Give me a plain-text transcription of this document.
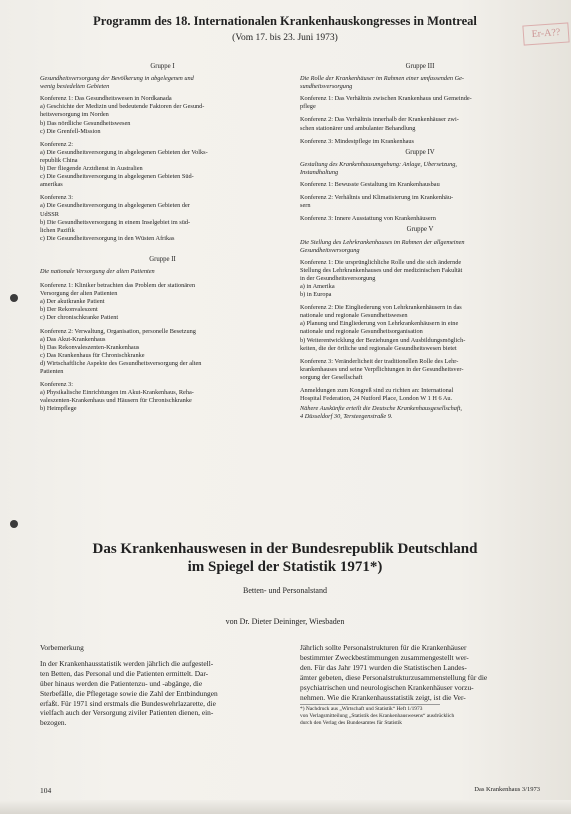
Er-A??
Programm des 18. Internationalen Krankenhauskongresses in Montreal
(Vom 17. bis 23. Juni 1973)
Gruppe I
Gesundheitsversorgung der Bevölkerung in abgelegenen und
wenig besiedelten Gebieten
Konferenz 1: Das Gesundheitswesen in Nordkanada
a) Geschichte der Medizin und bedeutende Faktoren der Gesund-
heitsversorgung im Norden
b) Das nördliche Gesundheitswesen
c) Die Grenfell-Mission
Konferenz 2:
a) Die Gesundheitsversorgung in abgelegenen Gebieten der Volks-
republik China
b) Der fliegende Arztdienst in Australien
c) Die Gesundheitsversorgung in abgelegenen Gebieten Süd-
amerikas
Konferenz 3:
a) Die Gesundheitsversorgung in abgelegenen Gebieten der
UdSSR
b) Die Gesundheitsversorgung in einem Inselgebiet im süd-
lichen Pazifik
c) Die Gesundheitsversorgung in den Wüsten Afrikas
Gruppe II
Die nationale Versorgung der alten Patienten
Konferenz 1: Kliniker betrachten das Problem der stationären
Versorgung der alten Patienten
a) Der akutkranke Patient
b) Der Rekonvaleszent
c) Der chronischkranke Patient
Konferenz 2: Verwaltung, Organisation, personelle Besetzung
a) Das Akut-Krankenhaus
b) Das Rekonvaleszenten-Krankenhaus
c) Das Krankenhaus für Chronischkranke
d) Wirtschaftliche Aspekte des Gesundheitsversorgung der alten
Patienten
Konferenz 3:
a) Physikalische Einrichtungen im Akut-Krankenhaus, Reha-
valeszenten-Krankenhaus und Häusern für Chronischkranke
b) Heimpflege
Gruppe III
Die Rolle der Krankenhäuser im Rahmen einer umfassenden Ge-
sundheitsversorgung
Konferenz 1: Das Verhältnis zwischen Krankenhaus und Gemeinde-
pflege
Konferenz 2: Das Verhältnis innerhalb der Krankenhäuser zwi-
schen stationärer und ambulanter Behandlung
Konferenz 3: Mindestpflege im Krankenhaus
Gruppe IV
Gestaltung des Krankenhausumgebung: Anlage, Übersetzung,
Instandhaltung
Konferenz 1: Bewusste Gestaltung im Krankenhausbau
Konferenz 2: Verhältnis und Klimatisierung im Krankenhäu-
sern
Konferenz 3: Innere Ausstattung von Krankenhäusern
Gruppe V
Die Stellung des Lehrkrankenhauses im Rahmen der allgemeinen
Gesundheitsversorgung
Konferenz 1: Die ursprünglichliche Rolle und die sich ändernde
Stellung des Lehrkrankenhauses und der medizinischen Fakultät
in der Gesundheitsversorgung
a) in Amerika
b) in Europa
Konferenz 2: Die Eingliederung von Lehrkrankenhäusern in das
nationale und regionale Gesundheitswesen
a) Planung und Eingliederung von Lehrkrankenhäusern in eine
nationale und regionale Gesundheitsorganisation
b) Weiterentwicklung der Beziehungen und Ausbildungsmöglich-
keiten, die der örtliche und regionale Gesundheitswesen bietet
Konferenz 3: Veränderlicheit der traditionellen Rolle des Lehr-
krankenhauses und seine Verpflichtungen in der Gesundheitsver-
sorgung der Gesellschaft
Anmeldungen zum Kongreß sind zu richten an: International
Hospital Federation, 24 Nutford Place, London W 1 H 6 Au.
Nähere Auskünfte erteilt die Deutsche Krankenhausgesellschaft,
4 Düsseldorf 30, Tersteegenstraße 9.
Das Krankenhauswesen in der Bundesrepublik Deutschland
im Spiegel der Statistik 1971*)
Betten- und Personalstand
von Dr. Dieter Deininger, Wiesbaden
Vorbemerkung
In der Krankenhausstatistik werden jährlich die aufgestell-
ten Betten, das Personal und die Patienten ermittelt. Dar-
über hinaus werden die Patientenzu- und -abgänge, die
Sterbefälle, die Pflegetage sowie die Zahl der Entbindungen
erfaßt. Für 1971 sind erstmals die Bundeswehrlazarette, die
vielfach auch der Versorgung ziviler Patienten dienen, ein-
bezogen.
Jährlich sollte Personalstrukturen für die Krankenhäuser
bestimmter Zweckbestimmungen zusammengestellt wer-
den. Für das Jahr 1971 wurden die Statistischen Landes-
ämter gebeten, diese Personalstrukturzusammenstellung für die
psychiatrischen und neurologischen Krankenhäuser vorzu-
nehmen. Wie die Krankenhausstatistik zeigt, ist die Ver-
*) Nachdruck aus „Wirtschaft und Statistik“ Heft 1/1973
von Verlagsmitteilung „Statistik des Krankenhauswesens“ ausdrücklich
durch den Verlag des Bundesamtes für Statistik
104	Das Krankenhaus 3/1973
